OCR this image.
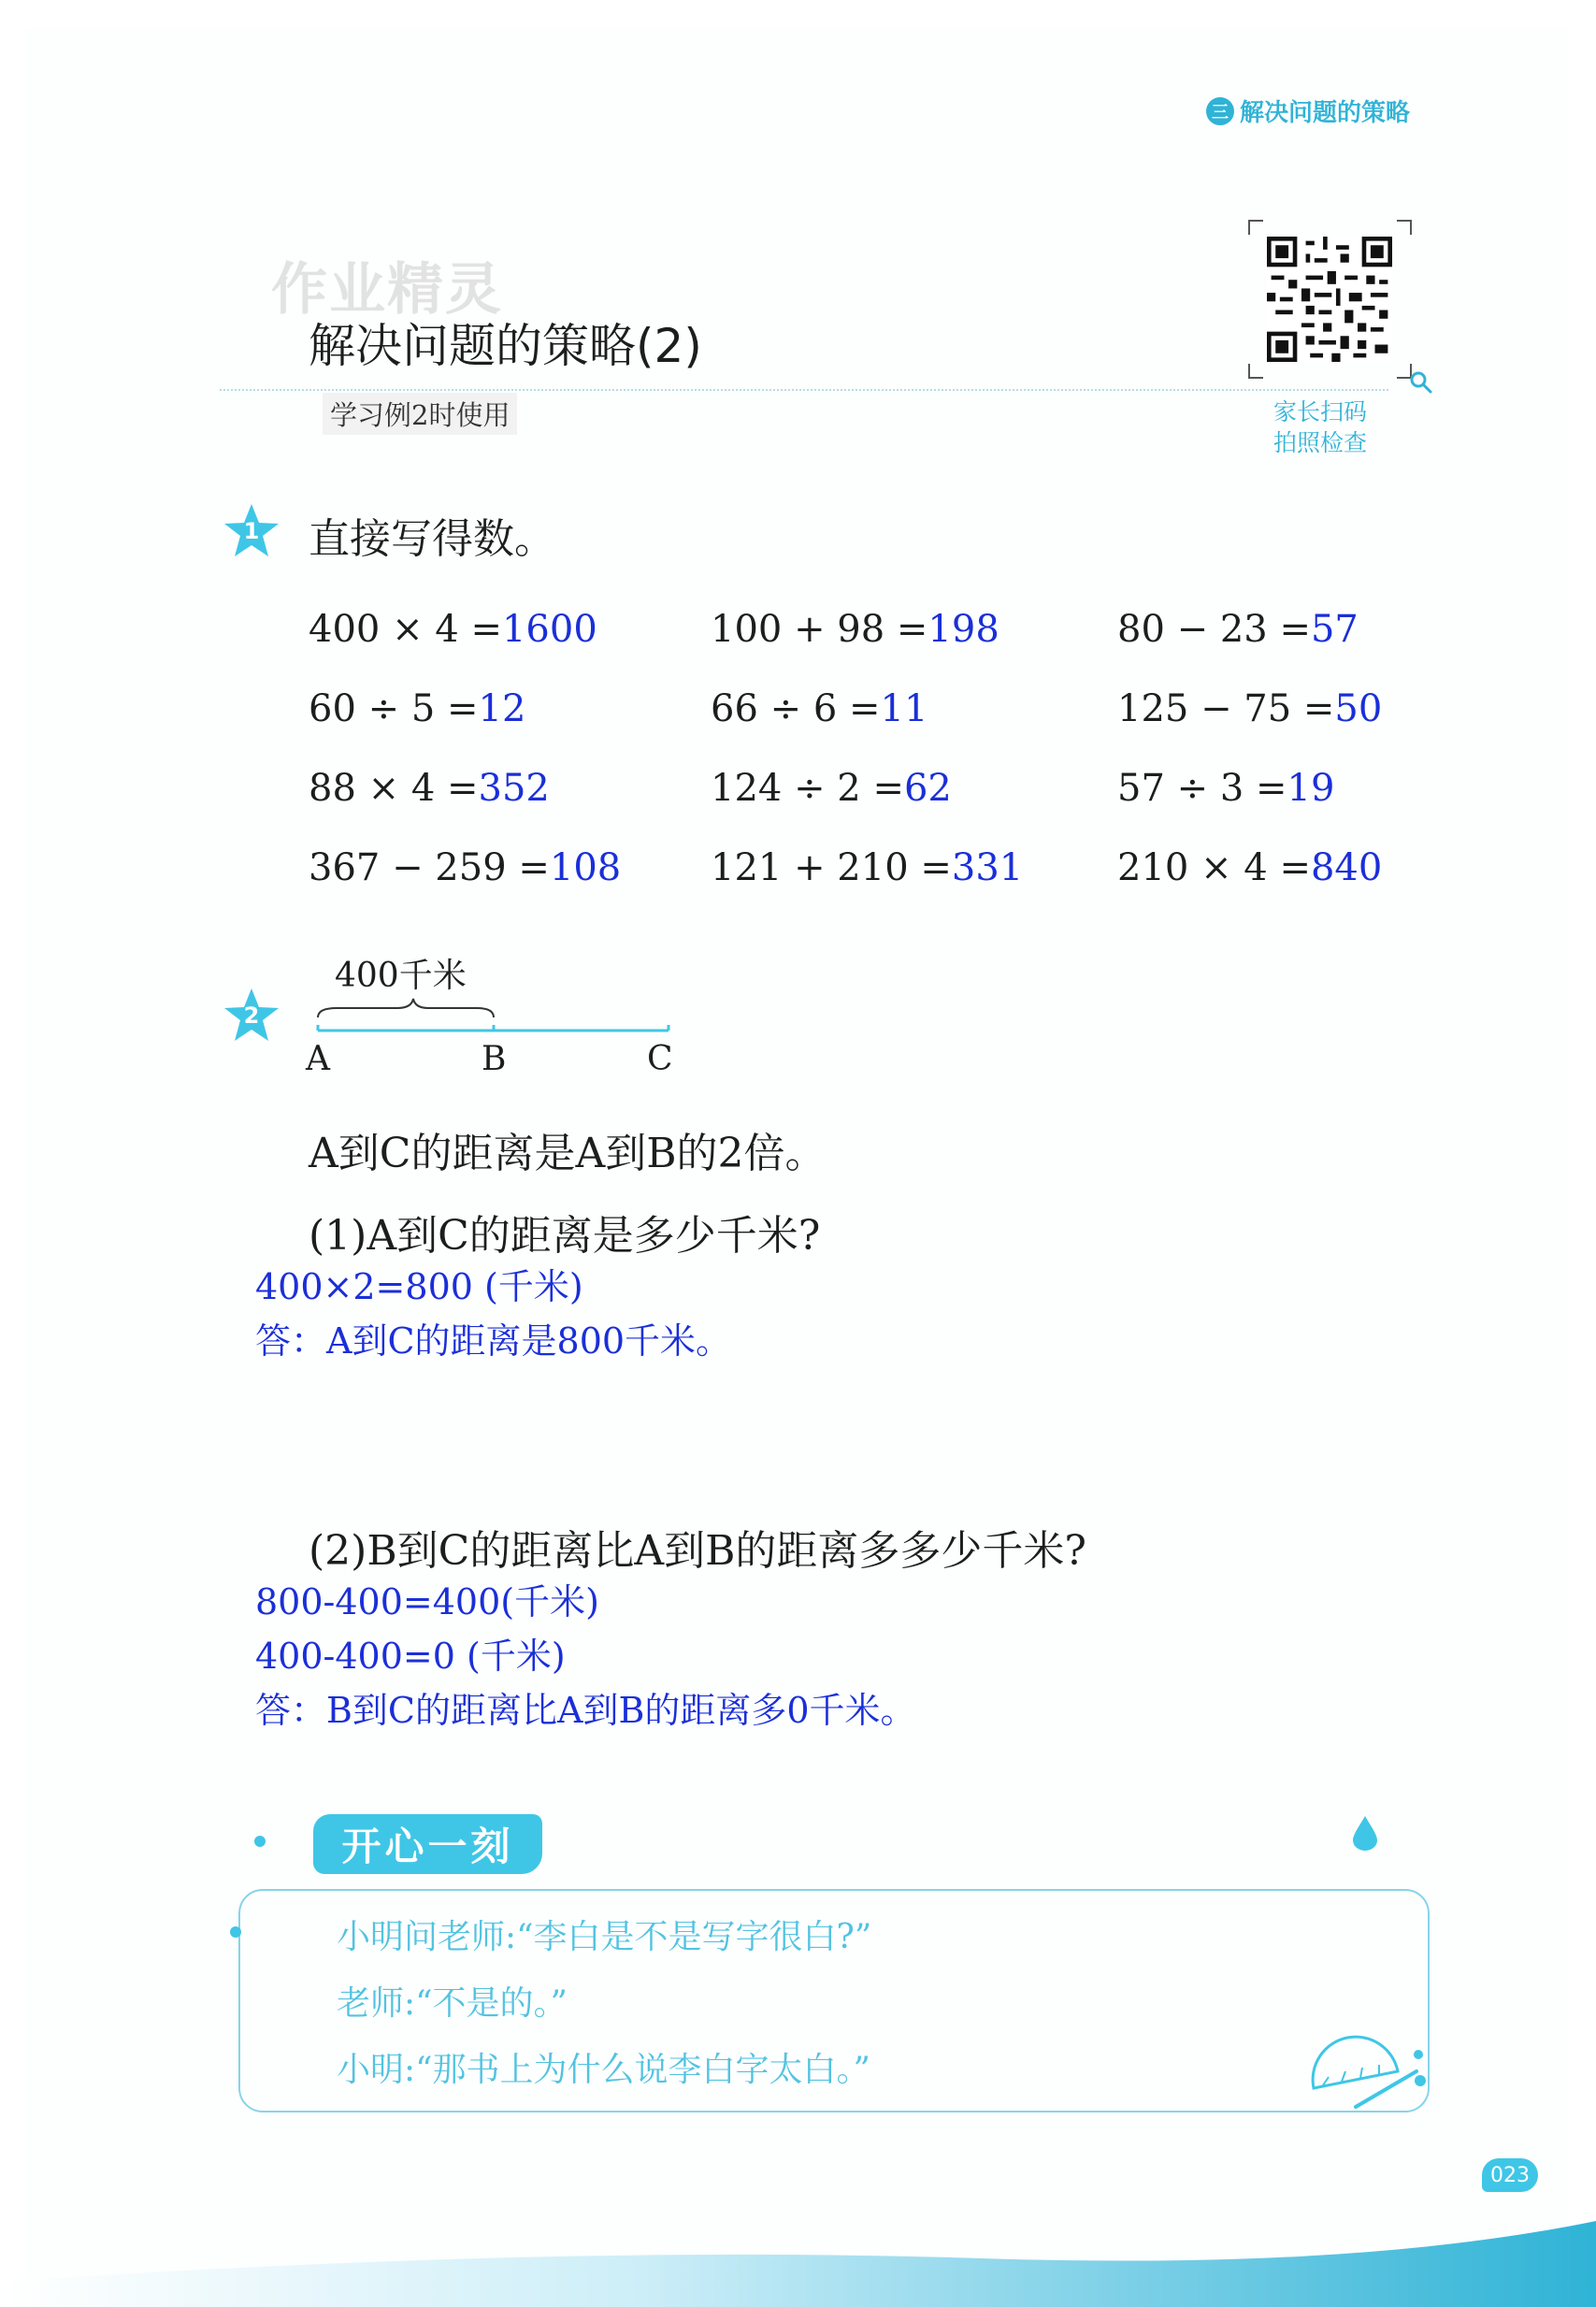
三 解决问题的策略
作业精灵
解决问题的策略(2)
学习例2时使用	家长扫码
拍照检查
1	直接写得数。
400 × 4 =1600	100 + 98 =198	80 − 23 =57
60 ÷ 5 =12	66 ÷ 6 =11	125 − 75 =50
88 × 4 =352	124 ÷ 2 =62	57 ÷ 3 =19
367 − 259 =108 121 + 210 =331	210 × 4 =840
2
400千米
A	B	C
A到C的距离是A到B的2倍。
(1)A到C的距离是多少千米?
400×2=800 (千米)
答：A到C的距离是800千米。
(2)B到C的距离比A到B的距离多多少千米?
800-400=400(千米)
400-400=0 (千米)
答：B到C的距离比A到B的距离多0千米。
开心一刻
小明问老师:“李白是不是写字很白?”
老师:“不是的。”
小明:“那书上为什么说李白字太白。”
023
